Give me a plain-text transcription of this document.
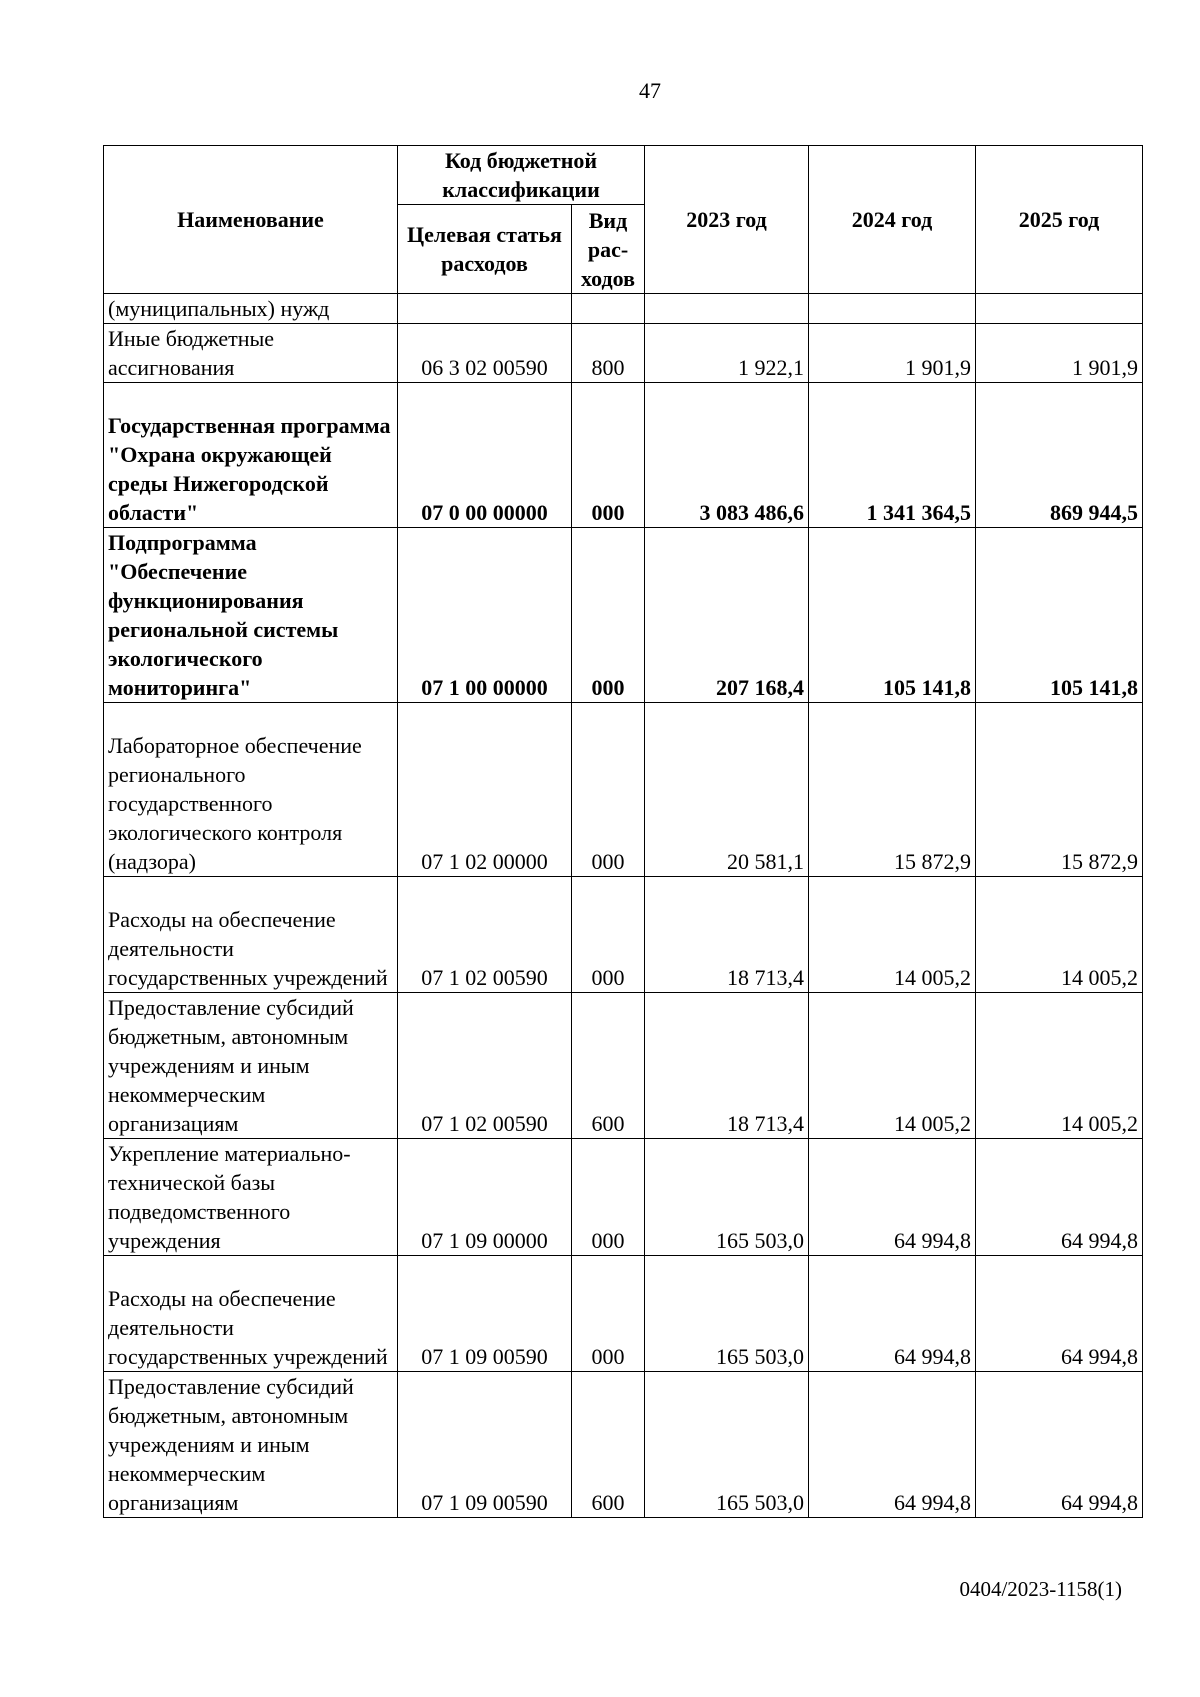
47
Наименование	Код бюджетной классификации		2023 год	2024 год	2025 год
	Целевая статья расходов	Вид рас-ходов			
(муниципальных) нужд					
Иные бюджетные ассигнования	06 3 02 00590	800	1 922,1	1 901,9	1 901,9
Государственная программа "Охрана окружающей среды Нижегородской области"	07 0 00 00000	000	3 083 486,6	1 341 364,5	869 944,5
Подпрограмма "Обеспечение функционирования региональной системы экологического мониторинга"	07 1 00 00000	000	207 168,4	105 141,8	105 141,8
Лабораторное обеспечение регионального государственного экологического контроля (надзора)	07 1 02 00000	000	20 581,1	15 872,9	15 872,9
Расходы на обеспечение деятельности государственных учреждений	07 1 02 00590	000	18 713,4	14 005,2	14 005,2
Предоставление субсидий бюджетным, автономным учреждениям и иным некоммерческим организациям	07 1 02 00590	600	18 713,4	14 005,2	14 005,2
Укрепление материально-технической базы подведомственного учреждения	07 1 09 00000	000	165 503,0	64 994,8	64 994,8
Расходы на обеспечение деятельности государственных учреждений	07 1 09 00590	000	165 503,0	64 994,8	64 994,8
Предоставление субсидий бюджетным, автономным учреждениям и иным некоммерческим организациям	07 1 09 00590	600	165 503,0	64 994,8	64 994,8
0404/2023-1158(1)
